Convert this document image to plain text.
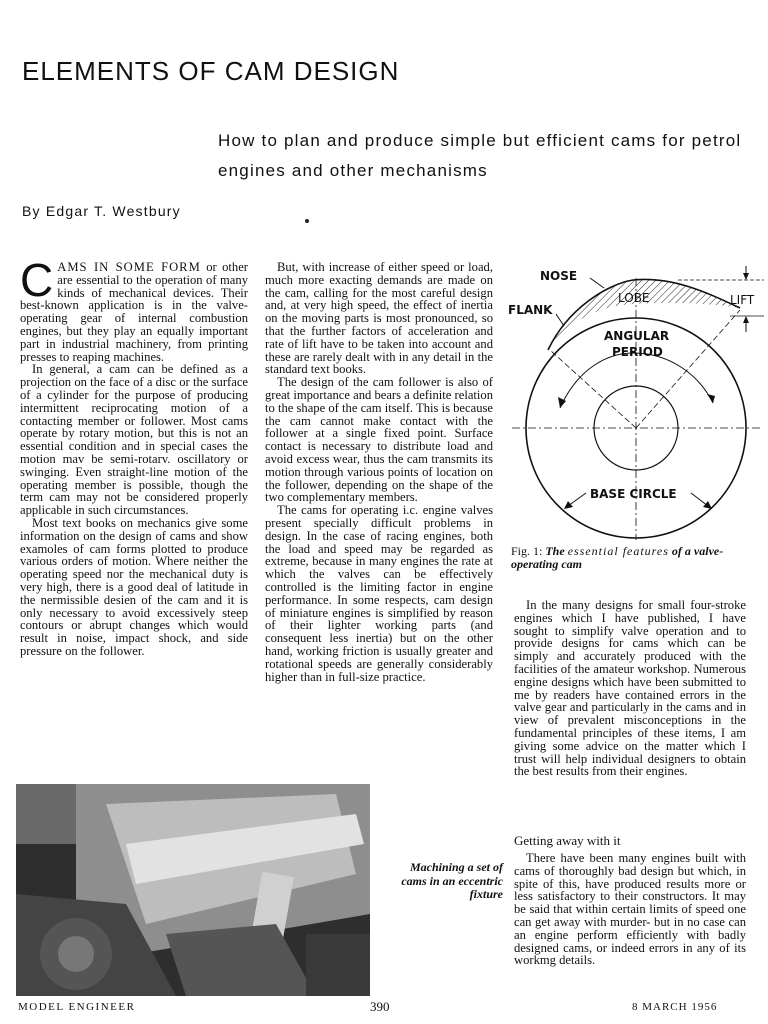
ELEMENTS OF CAM DESIGN

How to plan and produce simple but efficient cams for petrol engines and other mechanisms

By Edgar T. Westbury

CAMS IN SOME FORM or other are essential to the operation of many kinds of mechanical devices. Their best-known application is in the valve-operating gear of internal combustion engines, but they play an equally important part in industrial machinery, from printing presses to reaping machines.

In general, a cam can be defined as a projection on the face of a disc or the surface of a cylinder for the purpose of producing intermittent reciprocating motion of a contacting member or follower. Most cams operate by rotary motion, but this is not an essential condition and in special cases the motion mav be semi-rotarv. oscillatory or swinging. Even straight-line motion of the operating member is possible, though the term cam may not be considered properly applicable in such circumstances.

Most text books on mechanics give some information on the design of cams and show examoles of cam forms plotted to produce various orders of motion. Where neither the operating speed nor the mechanical duty is very high, there is a good deal of latitude in the nermissible desien of the cam and it is only necessary to avoid excessively steep contours or abrupt changes which would result in noise, impact shock, and side pressure on the follower.

But, with increase of either speed or load, much more exacting demands are made on the cam, calling for the most careful design and, at very high speed, the effect of inertia on the moving parts is most pronounced, so that the further factors of acceleration and rate of lift have to be taken into account and these are rarely dealt with in any detail in the standard text books.

The design of the cam follower is also of great importance and bears a definite relation to the shape of the cam itself. This is because the cam cannot make contact with the follower at a single fixed point. Surface contact is necessary to distribute load and avoid excess wear, thus the cam transmits its motion through various points of location on the follower, depending on the shape of the two complementary members.

The cams for operating i.c. engine valves present specially difficult problems in design. In the case of racing engines, both the load and speed may be regarded as extreme, because in many engines the rate at which the valves can be effectively controlled is the limiting factor in engine performance. In some respects, cam design of miniature engines is simplified by reason of their lighter working parts (and consequent less inertia) but on the other hand, working friction is usually greater and rotational speeds are generally considerably higher than in full-size practice.

NOSE
LOBE	LIFT
FLANK
ANGULAR
PERIOD
BASE CIRCLE
Fig. 1: The essential features of a valve-operating cam

In the many designs for small four-stroke engines which I have published, I have sought to simplify valve operation and to provide designs for cams which can be simply and accurately produced with the facilities of the amateur workshop. Numerous engine designs which have been submitted to me by readers have contained errors in the valve gear and particularly in the cams and in view of prevalent misconceptions in the fundamental principles of these items, I am giving some advice on the matter which I trust will help individual designers to obtain the best results from their engines.

Getting away with it

There have been many engines built with cams of thoroughly bad design but which, in spite of this, have produced results more or less satisfactory to their constructors. It may be said that within certain limits of speed one can get away with murder- but in no case can an engine perform efficiently with badly designed cams, or indeed errors in any of its workmg details.

Machining a set of cams in an eccentric fixture
MODEL ENGINEER	390	8 MARCH 1956
